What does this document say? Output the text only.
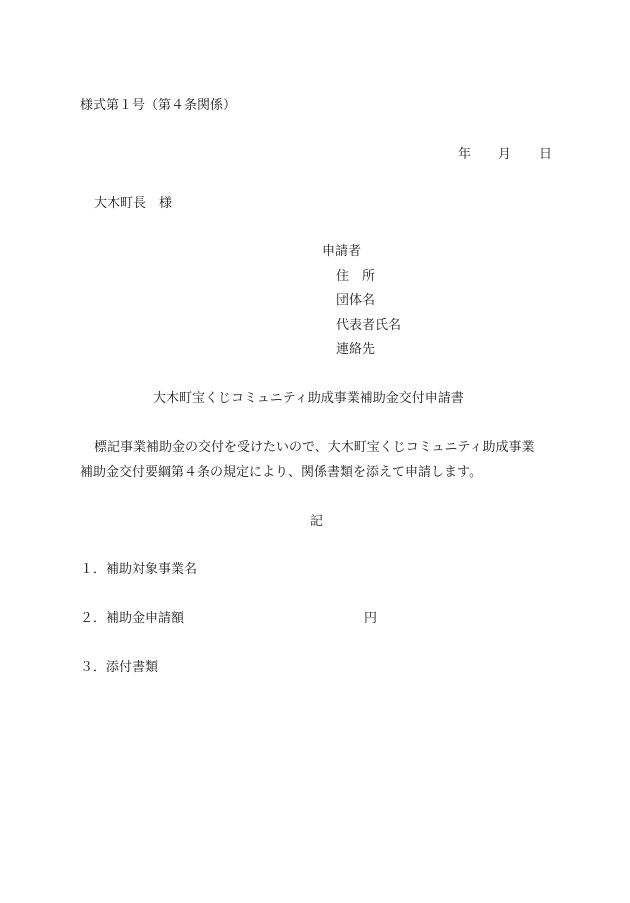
様式第１号（第４条関係）
年 月 日
大木町長　様
申請者
住　所
団体名
代表者氏名
連絡先
大木町宝くじコミュニティ助成事業補助金交付申請書
標記事業補助金の交付を受けたいので、大木町宝くじコミュニティ助成事業
補助金交付要綱第４条の規定により、関係書類を添えて申請します。
記
１．補助対象事業名
２．補助金申請額	円
３．添付書類
